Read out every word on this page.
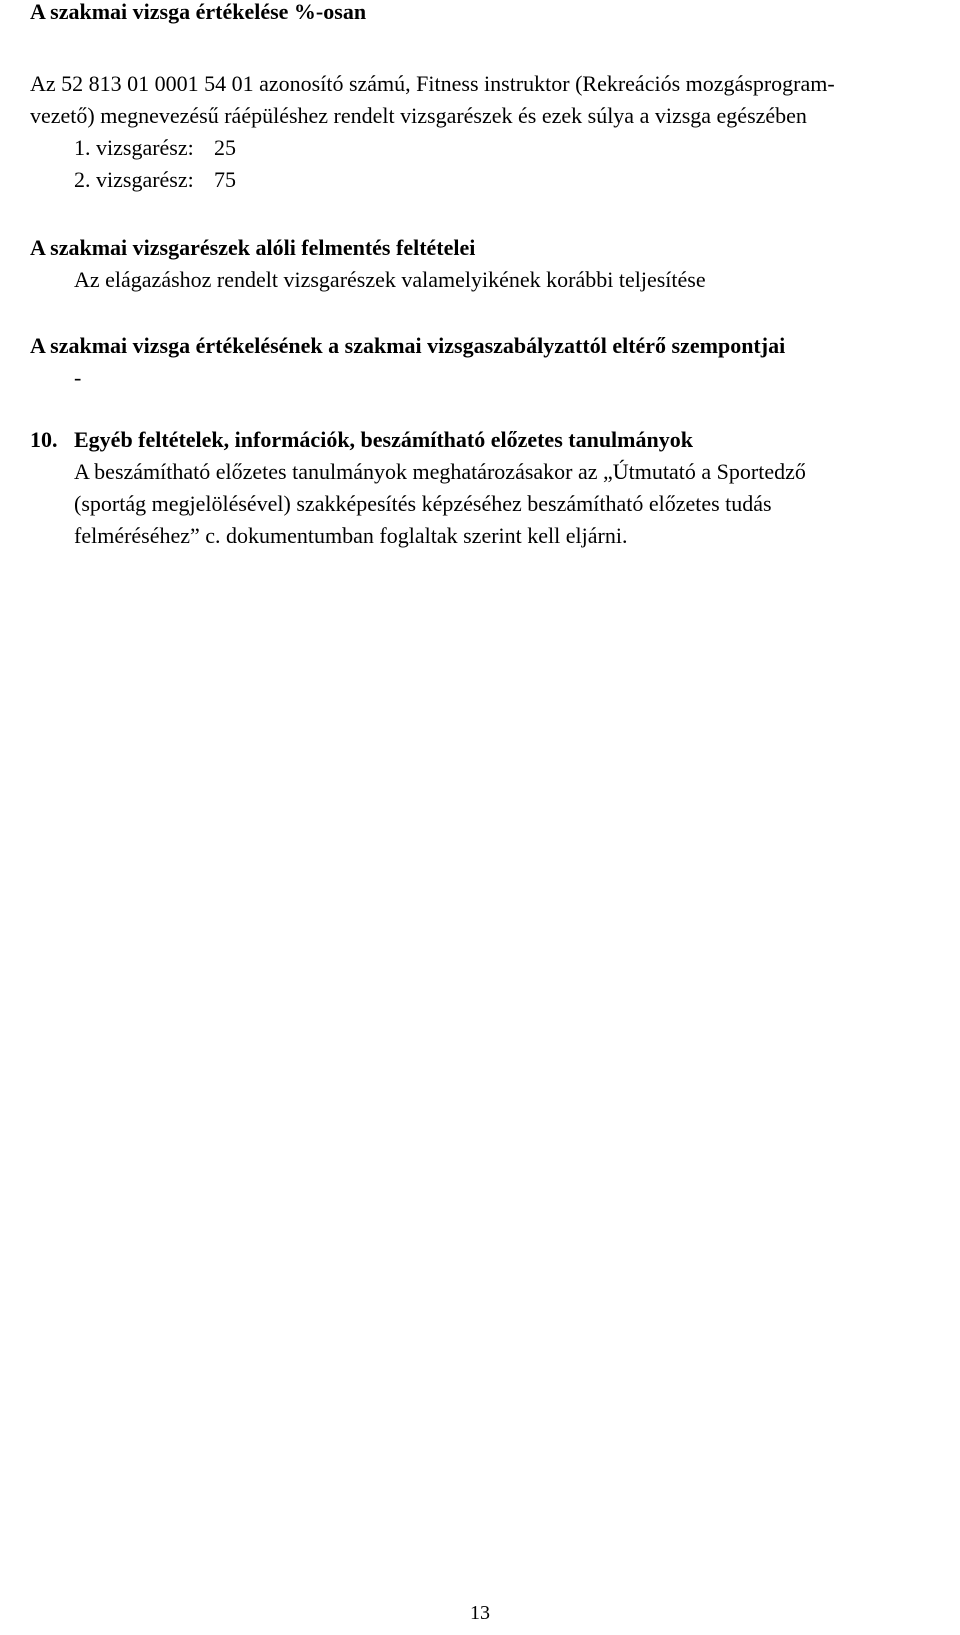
A szakmai vizsga értékelése %-osan
Az 52 813 01 0001 54 01 azonosító számú, Fitness instruktor (Rekreációs mozgásprogram-
vezető) megnevezésű ráépüléshez rendelt vizsgarészek és ezek súlya a vizsga egészében
1. vizsgarész: 25
2. vizsgarész: 75
A szakmai vizsgarészek alóli felmentés feltételei
Az elágazáshoz rendelt vizsgarészek valamelyikének korábbi teljesítése
A szakmai vizsga értékelésének a szakmai vizsgaszabályzattól eltérő szempontjai
-
10. Egyéb feltételek, információk, beszámítható előzetes tanulmányok
A beszámítható előzetes tanulmányok meghatározásakor az „Útmutató a Sportedző
(sportág megjelölésével) szakképesítés képzéséhez beszámítható előzetes tudás
felméréséhez” c. dokumentumban foglaltak szerint kell eljárni.
13
